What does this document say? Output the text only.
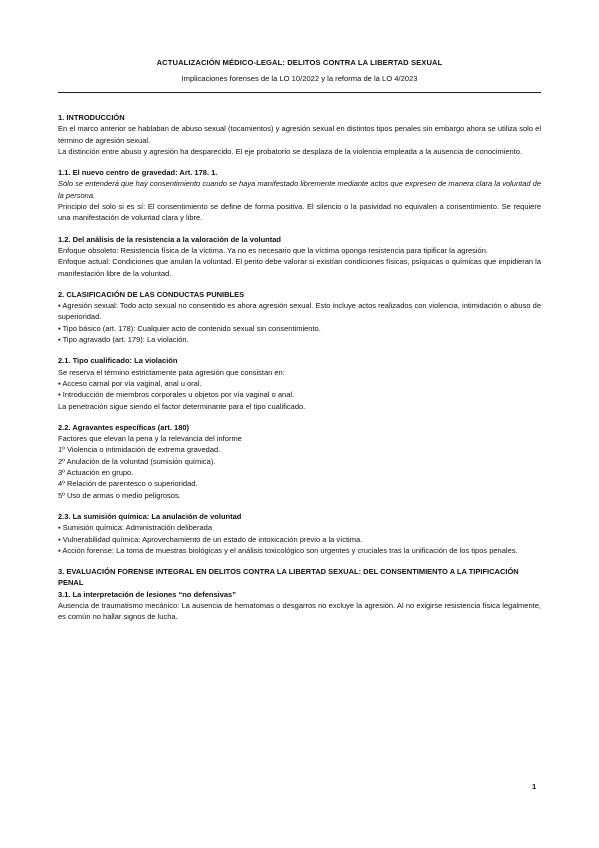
ACTUALIZACIÓN MÉDICO-LEGAL: DELITOS CONTRA LA LIBERTAD SEXUAL
Implicaciones forenses de la LO 10/2022 y la reforma de la LO 4/2023
1. INTRODUCCIÓN

En el marco anterior se hablaban de abuso sexual (tocamientos) y agresión sexual en distintos tipos penales sin embargo ahora se utiliza solo el término de agresión sexual.

La distinción entre abuso y agresión ha desparecido. El eje probatorio se desplaza de la violencia empleada a la ausencia de conocimiento.

1.1. El nuevo centro de gravedad: Art. 178. 1.

Sólo se entenderá que hay consentimiento cuando se haya manifestado libremente mediante actos que expresen de manera clara la voluntad de la persona.

Principio del solo si es sí: El consentimiento se define de forma positiva. El silencio o la pasividad no equivalen a consentimiento. Se requiere una manifestación de voluntad clara y libre.

1.2. Del análisis de la resistencia a la valoración de la voluntad

Enfoque obsoleto: Resistencia física de la víctima. Ya no es necesario que la víctima oponga resistencia para tipificar la agresión.

Enfoque actual: Condiciones que anulan la voluntad. El perito debe valorar si existían condiciones físicas, psíquicas o químicas que impidieran la manifestación libre de la voluntad.

2. CLASIFICACIÓN DE LAS CONDUCTAS PUNIBLES

▪ Agresión sexual: Todo acto sexual no consentido es ahora agresión sexual. Esto incluye actos realizados con violencia, intimidación o abuso de superioridad.

▪ Tipo básico (art. 178): Cualquier acto de contenido sexual sin consentimiento.

▪ Tipo agravado (art. 179): La violación.

2.1. Tipo cualificado: La violación

Se reserva el término estrictamente pata agresión que consistan en:

▪ Acceso carnal por vía vaginal, anal u oral.

▪ Introducción de miembros corporales u objetos por vía vaginal o anal.

La penetración sigue siendo el factor determinante para el tipo cualificado.

2.2. Agravantes específicas (art. 180)

Factores que elevan la pena y la relevancia del informe

1º Violencia o intimidación de extrema gravedad.

2º Anulación de la voluntad (sumisión química).

3º Actuación en grupo.

4º Relación de parentesco o superioridad.

5º Uso de armas o medio peligrosos.

2.3. La sumisión química: La anulación de voluntad

▪ Sumisión química: Administración deliberada

▪ Vulnerabilidad química: Aprovechamiento de un estado de intoxicación previo a la víctima.

▪ Acción forense: La toma de muestras biológicas y el análisis toxicológico son urgentes y cruciales tras la unificación de los tipos penales.

3. EVALUACIÓN FORENSE INTEGRAL EN DELITOS CONTRA LA LIBERTAD SEXUAL: DEL CONSENTIMIENTO A LA TIPIFICACIÓN PENAL
3.1. La interpretación de lesiones “no defensivas”

Ausencia de traumatismo mecánico: La ausencia de hematomas o desgarros no excluye la agresión. Al no exigirse resistencia física legalmente, es común no hallar signos de lucha.

1
